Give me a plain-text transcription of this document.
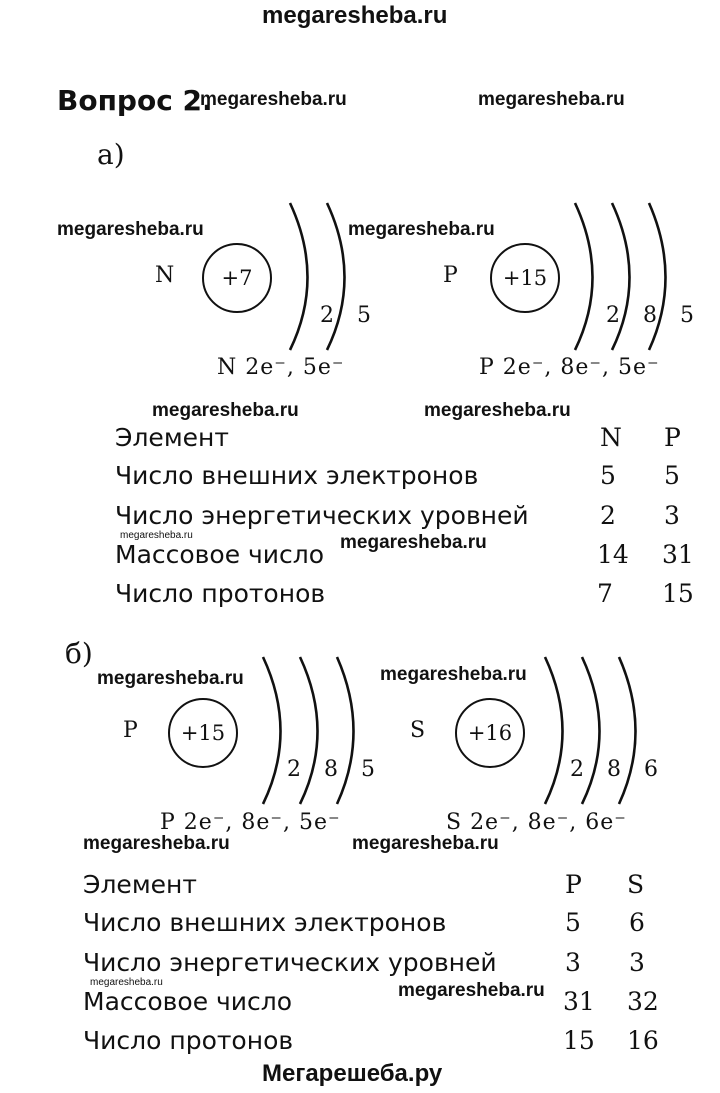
megaresheba.ru
Вопрос 2.
megaresheba.ru	megaresheba.ru
а)
megaresheba.ru	megaresheba.ru
N +7
2 5
N 2e⁻, 5e⁻
P +15
2 8 5
P 2e⁻, 8e⁻, 5e⁻
megaresheba.ru	megaresheba.ru
Элемент	N P
Число внешних электронов	5 5
Число энергетических уровней	2 3
Массовое число	14 31
Число протонов	7 15
megaresheba.ru	megaresheba.ru
б)
megaresheba.ru	megaresheba.ru
P +15
2 8 5
P 2e⁻, 8e⁻, 5e⁻
S +16
2 8 6
S 2e⁻, 8e⁻, 6e⁻
megaresheba.ru	megaresheba.ru
Элемент	P S
Число внешних электронов	5 6
Число энергетических уровней	3 3
Массовое число	31 32
Число протонов	15 16
megaresheba.ru	megaresheba.ru
Мегарешеба.ру
